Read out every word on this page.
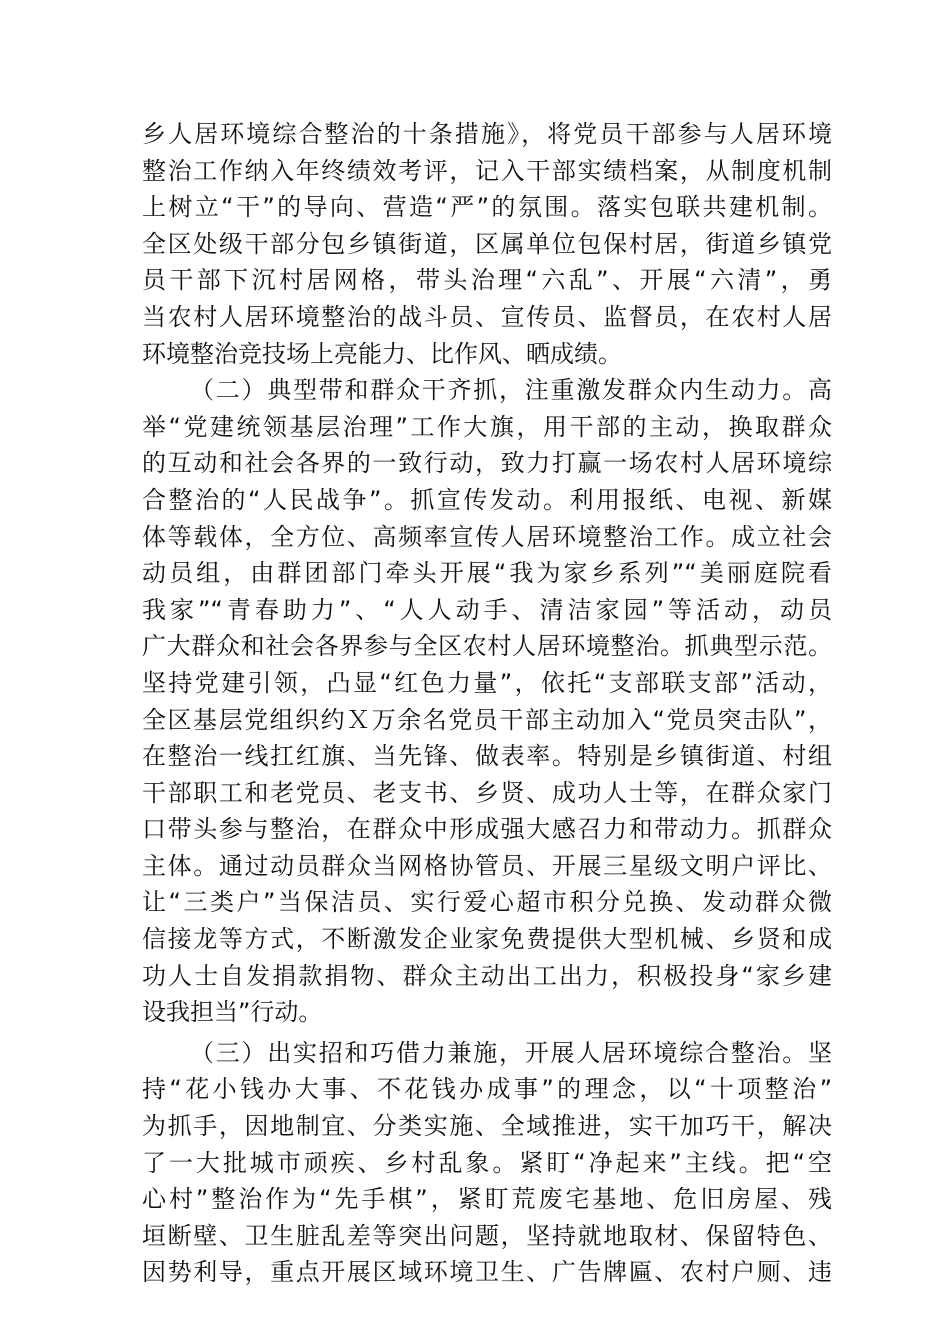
乡人居环境综合整治的十条措施》，将党员干部参与人居环境

整治工作纳入年终绩效考评，记入干部实绩档案，从制度机制

上树立“干”的导向、营造“严”的氛围。落实包联共建机制。

全区处级干部分包乡镇街道，区属单位包保村居，街道乡镇党

员干部下沉村居网格，带头治理“六乱”、开展“六清”，勇

当农村人居环境整治的战斗员、宣传员、监督员，在农村人居

环境整治竞技场上亮能力、比作风、晒成绩。

（二）典型带和群众干齐抓，注重激发群众内生动力。高

举“党建统领基层治理”工作大旗，用干部的主动，换取群众

的互动和社会各界的一致行动，致力打赢一场农村人居环境综

合整治的“人民战争”。抓宣传发动。利用报纸、电视、新媒

体等载体，全方位、高频率宣传人居环境整治工作。成立社会

动员组，由群团部门牵头开展“我为家乡系列”“美丽庭院看

我家”“青春助力”、“人人动手、清洁家园”等活动，动员

广大群众和社会各界参与全区农村人居环境整治。抓典型示范。

坚持党建引领，凸显“红色力量”，依托“支部联支部”活动，

全区基层党组织约Ｘ万余名党员干部主动加入“党员突击队”，

在整治一线扛红旗、当先锋、做表率。特别是乡镇街道、村组

干部职工和老党员、老支书、乡贤、成功人士等，在群众家门

口带头参与整治，在群众中形成强大感召力和带动力。抓群众

主体。通过动员群众当网格协管员、开展三星级文明户评比、

让“三类户”当保洁员、实行爱心超市积分兑换、发动群众微

信接龙等方式，不断激发企业家免费提供大型机械、乡贤和成

功人士自发捐款捐物、群众主动出工出力，积极投身“家乡建

设我担当”行动。

（三）出实招和巧借力兼施，开展人居环境综合整治。坚

持“花小钱办大事、不花钱办成事”的理念，以“十项整治”

为抓手，因地制宜、分类实施、全域推进，实干加巧干，解决

了一大批城市顽疾、乡村乱象。紧盯“净起来”主线。把“空

心村”整治作为“先手棋”，紧盯荒废宅基地、危旧房屋、残

垣断壁、卫生脏乱差等突出问题，坚持就地取材、保留特色、

因势利导，重点开展区域环境卫生、广告牌匾、农村户厕、违
